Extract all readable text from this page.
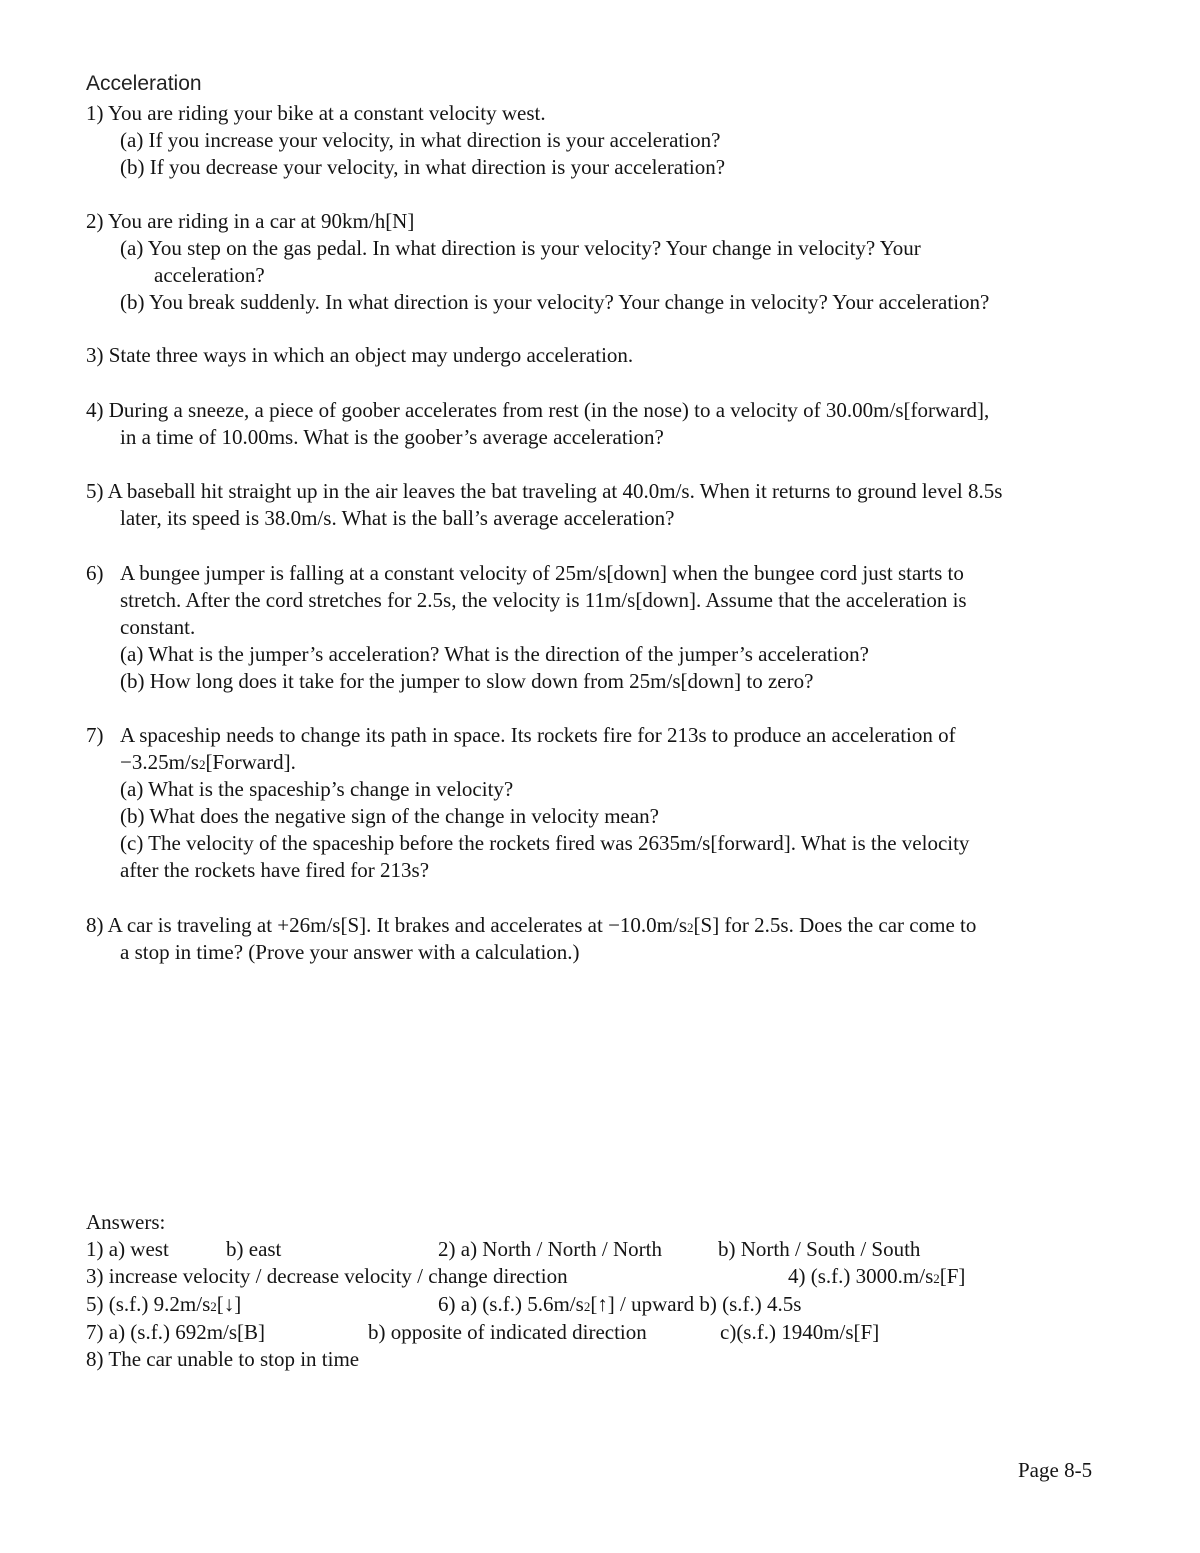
Acceleration
1) You are riding your bike at a constant velocity west.
(a) If you increase your velocity, in what direction is your acceleration?
(b) If you decrease your velocity, in what direction is your acceleration?
2) You are riding in a car at 90km/h[N]
(a) You step on the gas pedal. In what direction is your velocity? Your change in velocity? Your
acceleration?
(b) You break suddenly. In what direction is your velocity? Your change in velocity? Your acceleration?
3) State three ways in which an object may undergo acceleration.
4) During a sneeze, a piece of goober accelerates from rest (in the nose) to a velocity of 30.00m/s[forward],
in a time of 10.00ms. What is the goober’s average acceleration?
5) A baseball hit straight up in the air leaves the bat traveling at 40.0m/s. When it returns to ground level 8.5s
later, its speed is 38.0m/s. What is the ball’s average acceleration?
6) A bungee jumper is falling at a constant velocity of 25m/s[down] when the bungee cord just starts to
stretch. After the cord stretches for 2.5s, the velocity is 11m/s[down]. Assume that the acceleration is
constant.
(a) What is the jumper’s acceleration? What is the direction of the jumper’s acceleration?
(b) How long does it take for the jumper to slow down from 25m/s[down] to zero?
7) A spaceship needs to change its path in space. Its rockets fire for 213s to produce an acceleration of
−3.25m/s2[Forward].
(a) What is the spaceship’s change in velocity?
(b) What does the negative sign of the change in velocity mean?
(c) The velocity of the spaceship before the rockets fired was 2635m/s[forward]. What is the velocity
after the rockets have fired for 213s?
8) A car is traveling at +26m/s[S]. It brakes and accelerates at −10.0m/s2[S] for 2.5s. Does the car come to
a stop in time? (Prove your answer with a calculation.)
Answers:
1) a) west	b) east	2) a) North / North / North	b) North / South / South
3) increase velocity / decrease velocity / change direction	4) (s.f.) 3000.m/s2[F]
5) (s.f.) 9.2m/s2[↓]	6) a) (s.f.) 5.6m/s2[↑] / upward b) (s.f.) 4.5s
7) a) (s.f.) 692m/s[B]	b) opposite of indicated direction	c)(s.f.) 1940m/s[F]
8) The car unable to stop in time
Page 8-5
